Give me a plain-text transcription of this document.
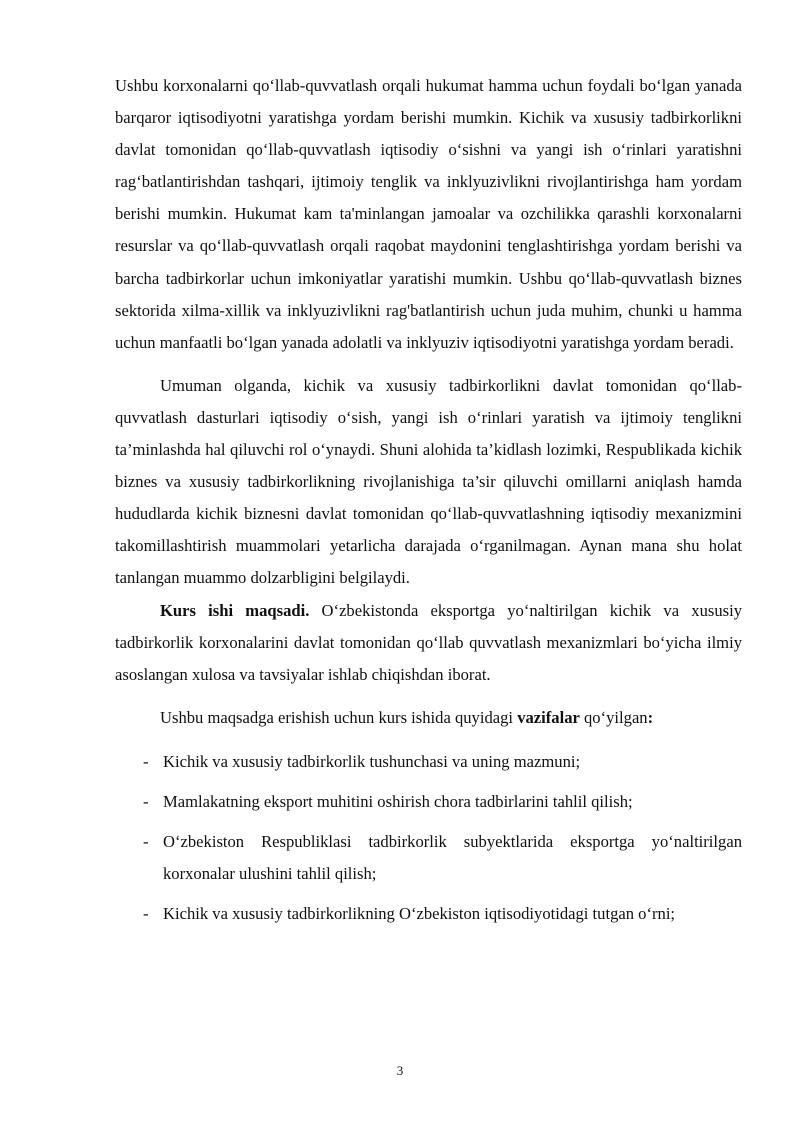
Ushbu korxonalarni qo‘llab-quvvatlash orqali hukumat hamma uchun foydali bo‘lgan yanada barqaror iqtisodiyotni yaratishga yordam berishi mumkin. Kichik va xususiy tadbirkorlikni davlat tomonidan qo‘llab-quvvatlash iqtisodiy o‘sishni va yangi ish o‘rinlari yaratishni rag‘batlantirishdan tashqari, ijtimoiy tenglik va inklyuzivlikni rivojlantirishga ham yordam berishi mumkin. Hukumat kam ta'minlangan jamoalar va ozchilikka qarashli korxonalarni resurslar va qo‘llab-quvvatlash orqali raqobat maydonini tenglashtirishga yordam berishi va barcha tadbirkorlar uchun imkoniyatlar yaratishi mumkin. Ushbu qo‘llab-quvvatlash biznes sektorida xilma-xillik va inklyuzivlikni rag'batlantirish uchun juda muhim, chunki u hamma uchun manfaatli bo‘lgan yanada adolatli va inklyuziv iqtisodiyotni yaratishga yordam beradi.

Umuman olganda, kichik va xususiy tadbirkorlikni davlat tomonidan qo‘llab-quvvatlash dasturlari iqtisodiy o‘sish, yangi ish o‘rinlari yaratish va ijtimoiy tenglikni ta’minlashda hal qiluvchi rol o‘ynaydi. Shuni alohida ta’kidlash lozimki, Respublikada kichik biznes va xususiy tadbirkorlikning rivojlanishiga ta’sir qiluvchi omillarni aniqlash hamda hududlarda kichik biznesni davlat tomonidan qo‘llab-quvvatlashning iqtisodiy mexanizmini takomillashtirish muammolari yetarlicha darajada o‘rganilmagan. Aynan mana shu holat tanlangan muammo dolzarbligini belgilaydi.

Kurs ishi maqsadi. O‘zbekistonda eksportga yo‘naltirilgan kichik va xususiy tadbirkorlik korxonalarini davlat tomonidan qo‘llab quvvatlash mexanizmlari bo‘yicha ilmiy asoslangan xulosa va tavsiyalar ishlab chiqishdan iborat.

Ushbu maqsadga erishish uchun kurs ishida quyidagi vazifalar qo‘yilgan:

- Kichik va xususiy tadbirkorlik tushunchasi va uning mazmuni;
- Mamlakatning eksport muhitini oshirish chora tadbirlarini tahlil qilish;
- O‘zbekiston Respubliklasi tadbirkorlik subyektlarida eksportga yo‘naltirilgan korxonalar ulushini tahlil qilish;
- Kichik va xususiy tadbirkorlikning O‘zbekiston iqtisodiyotidagi tutgan o‘rni;
3
